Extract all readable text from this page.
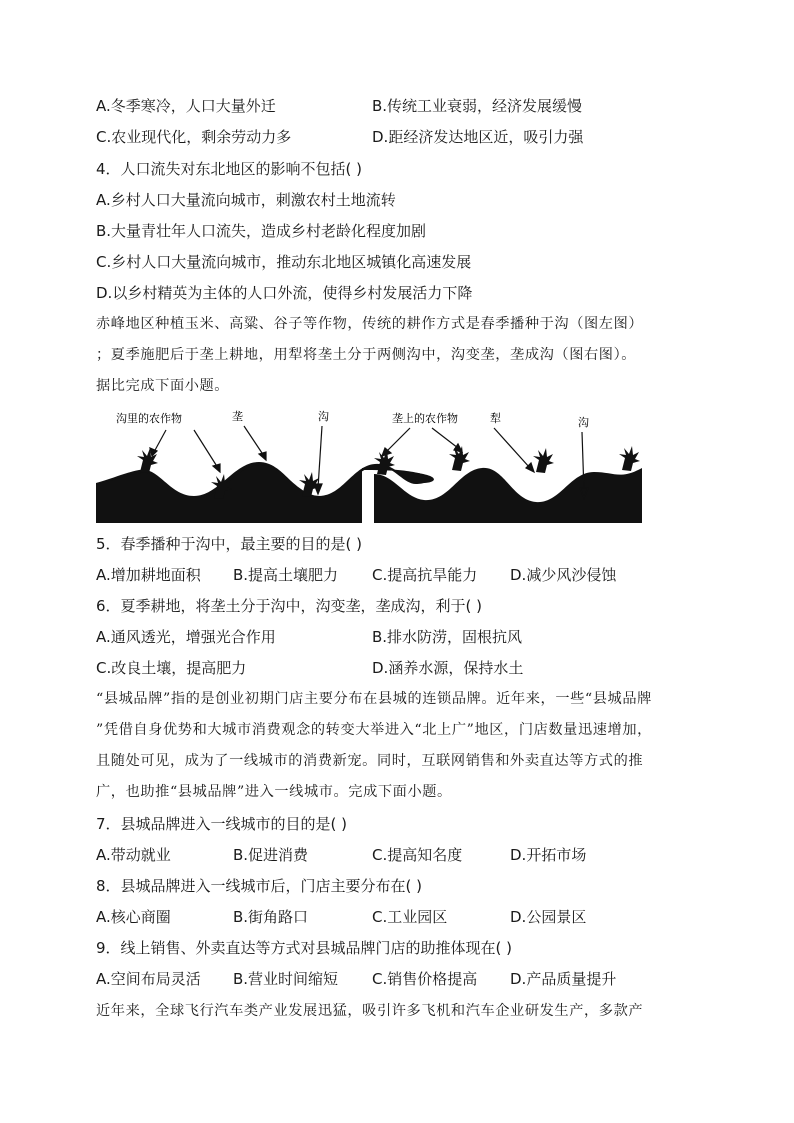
A.冬季寒冷，人口大量外迁	B.传统工业衰弱，经济发展缓慢
C.农业现代化，剩余劳动力多	D.距经济发达地区近，吸引力强
4．人口流失对东北地区的影响不包括( )
A.乡村人口大量流向城市，刺激农村土地流转
B.大量青壮年人口流失，造成乡村老龄化程度加剧
C.乡村人口大量流向城市，推动东北地区城镇化高速发展
D.以乡村精英为主体的人口外流，使得乡村发展活力下降
赤峰地区种植玉米、高粱、谷子等作物，传统的耕作方式是春季播种于沟（图左图）
；夏季施肥后于垄上耕地，用犁将垄土分于两侧沟中，沟变垄，垄成沟（图右图）。
据比完成下面小题。
沟里的农作物	垄	沟	垄上的农作物	犁	沟
5．春季播种于沟中，最主要的目的是( )
A.增加耕地面积 B.提高土壤肥力 C.提高抗旱能力 D.减少风沙侵蚀
6．夏季耕地，将垄土分于沟中，沟变垄，垄成沟，利于( )
A.通风透光，增强光合作用	B.排水防涝，固根抗风
C.改良土壤，提高肥力	D.涵养水源，保持水土
“县城品牌”指的是创业初期门店主要分布在县城的连锁品牌。近年来，一些“县城品牌
”凭借自身优势和大城市消费观念的转变大举进入“北上广”地区，门店数量迅速增加，
且随处可见，成为了一线城市的消费新宠。同时，互联网销售和外卖直达等方式的推
广，也助推“县城品牌”进入一线城市。完成下面小题。
7．县城品牌进入一线城市的目的是( )
A.带动就业	B.促进消费	C.提高知名度	D.开拓市场
8．县城品牌进入一线城市后，门店主要分布在( )
A.核心商圈	B.街角路口	C.工业园区	D.公园景区
9．线上销售、外卖直达等方式对县城品牌门店的助推体现在( )
A.空间布局灵活 B.营业时间缩短 C.销售价格提高 D.产品质量提升
近年来，全球飞行汽车类产业发展迅猛，吸引许多飞机和汽车企业研发生产，多款产
